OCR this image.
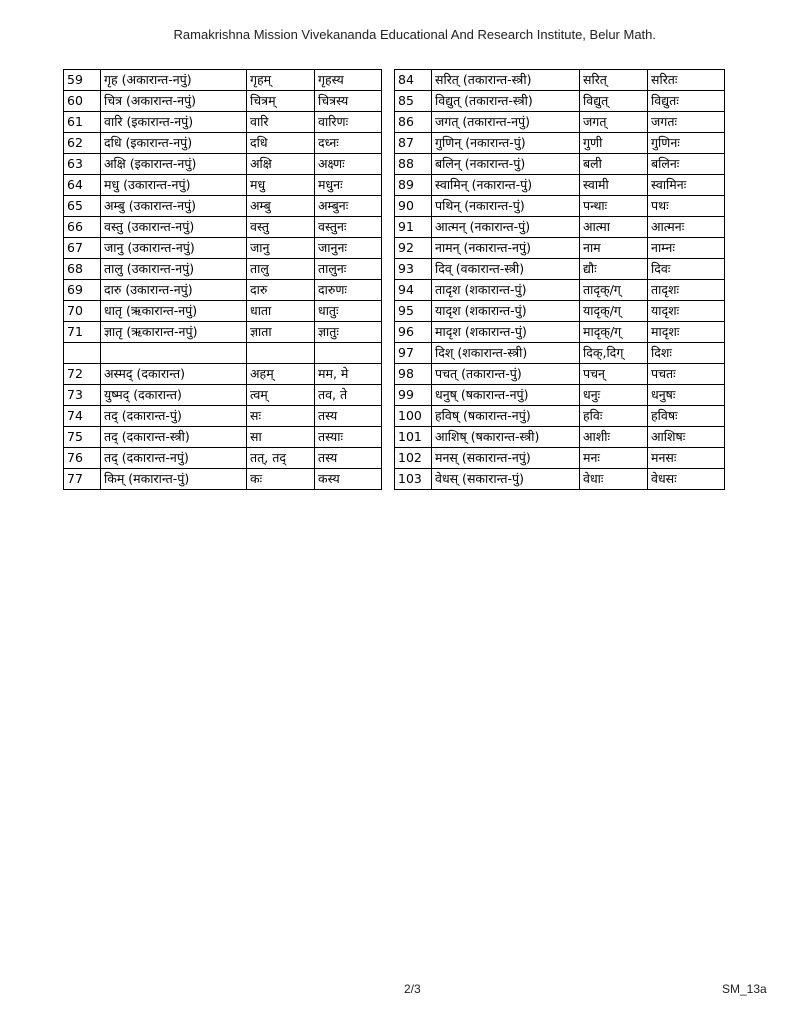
Ramakrishna Mission Vivekananda Educational And Research Institute, Belur Math.
59	गृह (अकारान्त-नपुं)	गृहम्	गृहस्य
60	चित्र (अकारान्त-नपुं)	चित्रम्	चित्रस्य
61	वारि (इकारान्त-नपुं)	वारि	वारिणः
62	दधि (इकारान्त-नपुं)	दधि	दध्नः
63	अक्षि (इकारान्त-नपुं)	अक्षि	अक्ष्णः
64	मधु (उकारान्त-नपुं)	मधु	मधुनः
65	अम्बु (उकारान्त-नपुं)	अम्बु	अम्बुनः
66	वस्तु (उकारान्त-नपुं)	वस्तु	वस्तुनः
67	जानु (उकारान्त-नपुं)	जानु	जानुनः
68	तालु (उकारान्त-नपुं)	तालु	तालुनः
69	दारु (उकारान्त-नपुं)	दारु	दारुणः
70	धातृ (ऋकारान्त-नपुं)	धाता	धातुः
71	ज्ञातृ (ऋकारान्त-नपुं)	ज्ञाता	ज्ञातुः

72	अस्मद् (दकारान्त)	अहम्	मम, मे
73	युष्मद् (दकारान्त)	त्वम्	तव, ते
74	तद् (दकारान्त-पुं)	सः	तस्य
75	तद् (दकारान्त-स्त्री)	सा	तस्याः
76	तद् (दकारान्त-नपुं)	तत्, तद्	तस्य
77	किम् (मकारान्त-पुं)	कः	कस्य
84	सरित् (तकारान्त-स्त्री)	सरित्	सरितः
85	विद्युत् (तकारान्त-स्त्री)	विद्युत्	विद्युतः
86	जगत् (तकारान्त-नपुं)	जगत्	जगतः
87	गुणिन् (नकारान्त-पुं)	गुणी	गुणिनः
88	बलिन् (नकारान्त-पुं)	बली	बलिनः
89	स्वामिन् (नकारान्त-पुं)	स्वामी	स्वामिनः
90	पथिन् (नकारान्त-पुं)	पन्थाः	पथः
91	आत्मन् (नकारान्त-पुं)	आत्मा	आत्मनः
92	नामन् (नकारान्त-नपुं)	नाम	नाम्नः
93	दिव् (वकारान्त-स्त्री)	द्यौः	दिवः
94	तादृश (शकारान्त-पुं)	तादृक्/ग्	तादृशः
95	यादृश (शकारान्त-पुं)	यादृक्/ग्	यादृशः
96	मादृश (शकारान्त-पुं)	मादृक्/ग्	मादृशः
97	दिश् (शकारान्त-स्त्री)	दिक्,दिग्	दिशः
98	पचत् (तकारान्त-पुं)	पचन्	पचतः
99	धनुष् (षकारान्त-नपुं)	धनुः	धनुषः
100	हविष् (षकारान्त-नपुं)	हविः	हविषः
101	आशिष् (षकारान्त-स्त्री)	आशीः	आशिषः
102	मनस् (सकारान्त-नपुं)	मनः	मनसः
103	वेधस् (सकारान्त-पुं)	वेधाः	वेधसः
2/3	SM_13a
